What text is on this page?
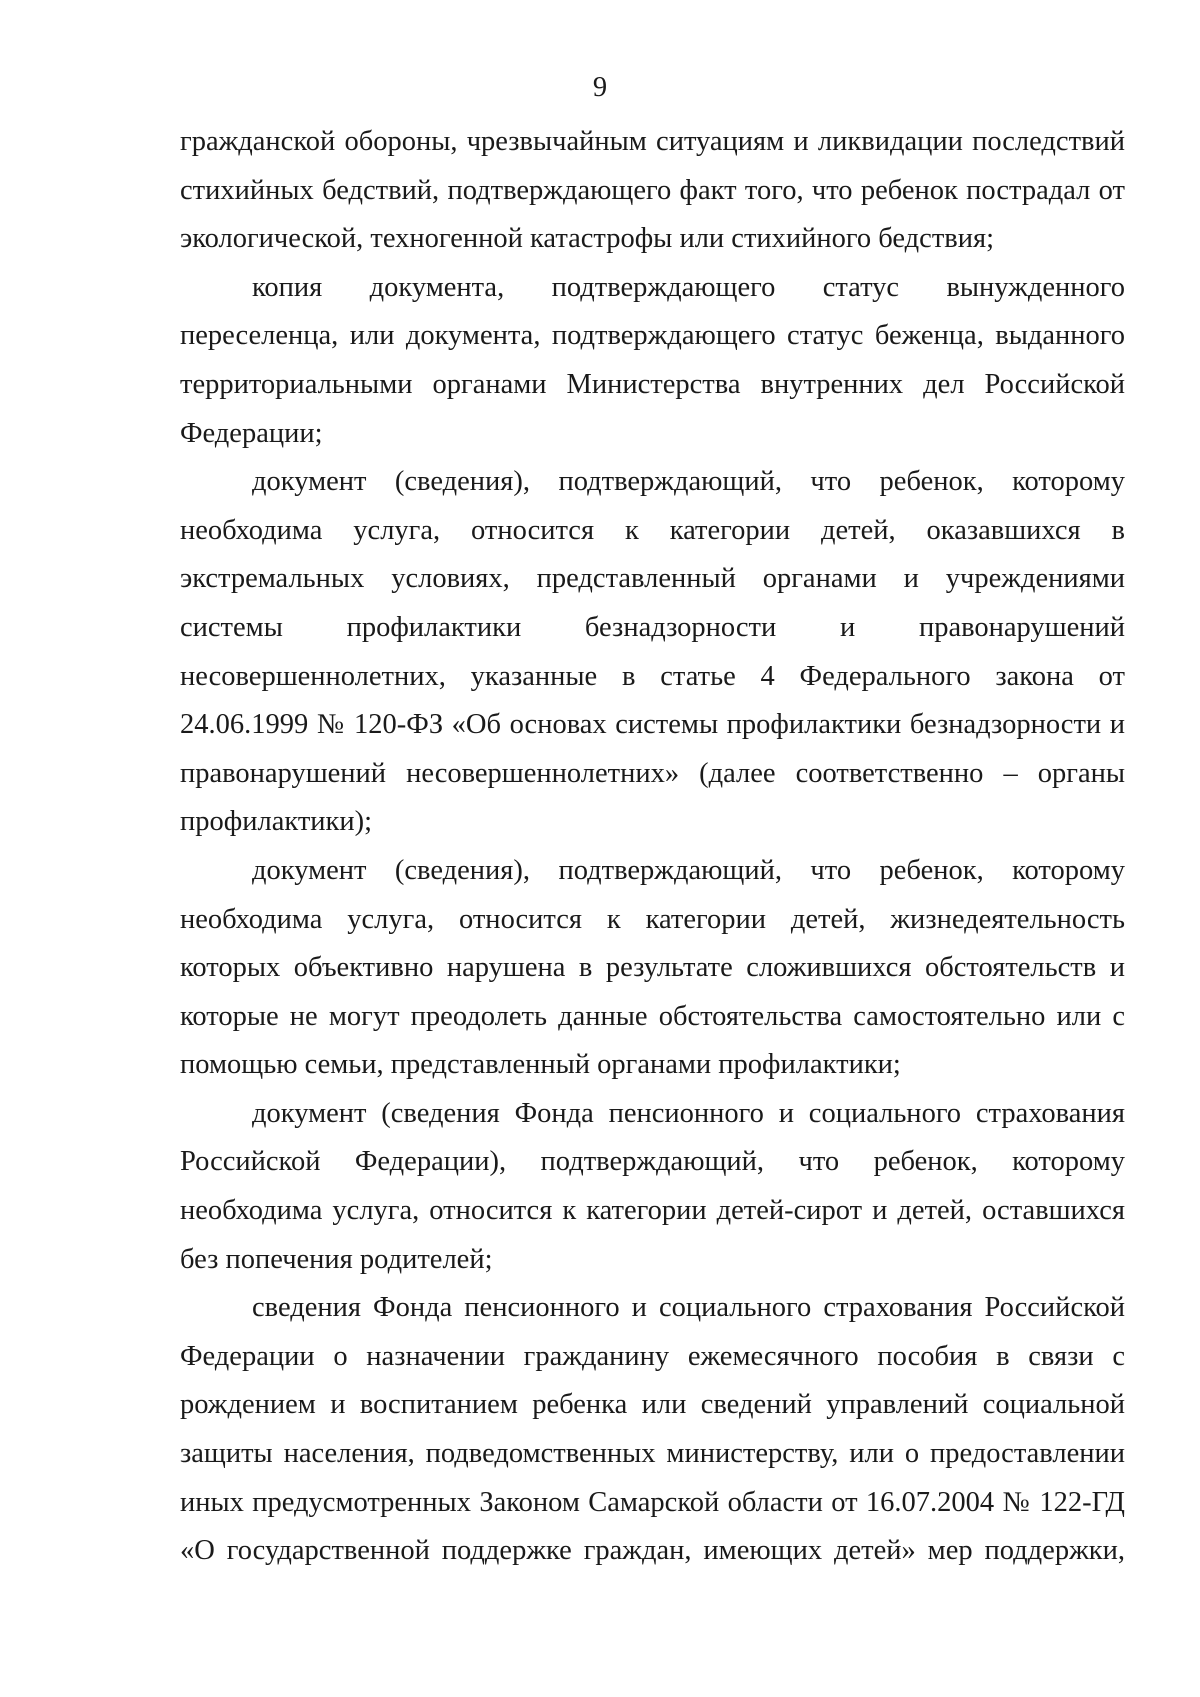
9

гражданской обороны, чрезвычайным ситуациям и ликвидации последствий стихийных бедствий, подтверждающего факт того, что ребенок пострадал от экологической, техногенной катастрофы или стихийного бедствия;

копия документа, подтверждающего статус вынужденного переселенца, или документа, подтверждающего статус беженца, выданного территориальными органами Министерства внутренних дел Российской Федерации;

документ (сведения), подтверждающий, что ребенок, которому необходима услуга, относится к категории детей, оказавшихся в экстремальных условиях, представленный органами и учреждениями системы профилактики безнадзорности и правонарушений несовершеннолетних, указанные в статье 4 Федерального закона от 24.06.1999 № 120-ФЗ «Об основах системы профилактики безнадзорности и правонарушений несовершеннолетних» (далее соответственно – органы профилактики);

документ (сведения), подтверждающий, что ребенок, которому необходима услуга, относится к категории детей, жизнедеятельность которых объективно нарушена в результате сложившихся обстоятельств и которые не могут преодолеть данные обстоятельства самостоятельно или с помощью семьи, представленный органами профилактики;

документ (сведения Фонда пенсионного и социального страхования Российской Федерации), подтверждающий, что ребенок, которому необходима услуга, относится к категории детей-сирот и детей, оставшихся без попечения родителей;

сведения Фонда пенсионного и социального страхования Российской Федерации о назначении гражданину ежемесячного пособия в связи с рождением и воспитанием ребенка или сведений управлений социальной защиты населения, подведомственных министерству, или о предоставлении иных предусмотренных Законом Самарской области от 16.07.2004 № 122-ГД «О государственной поддержке граждан, имеющих детей» мер поддержки,
